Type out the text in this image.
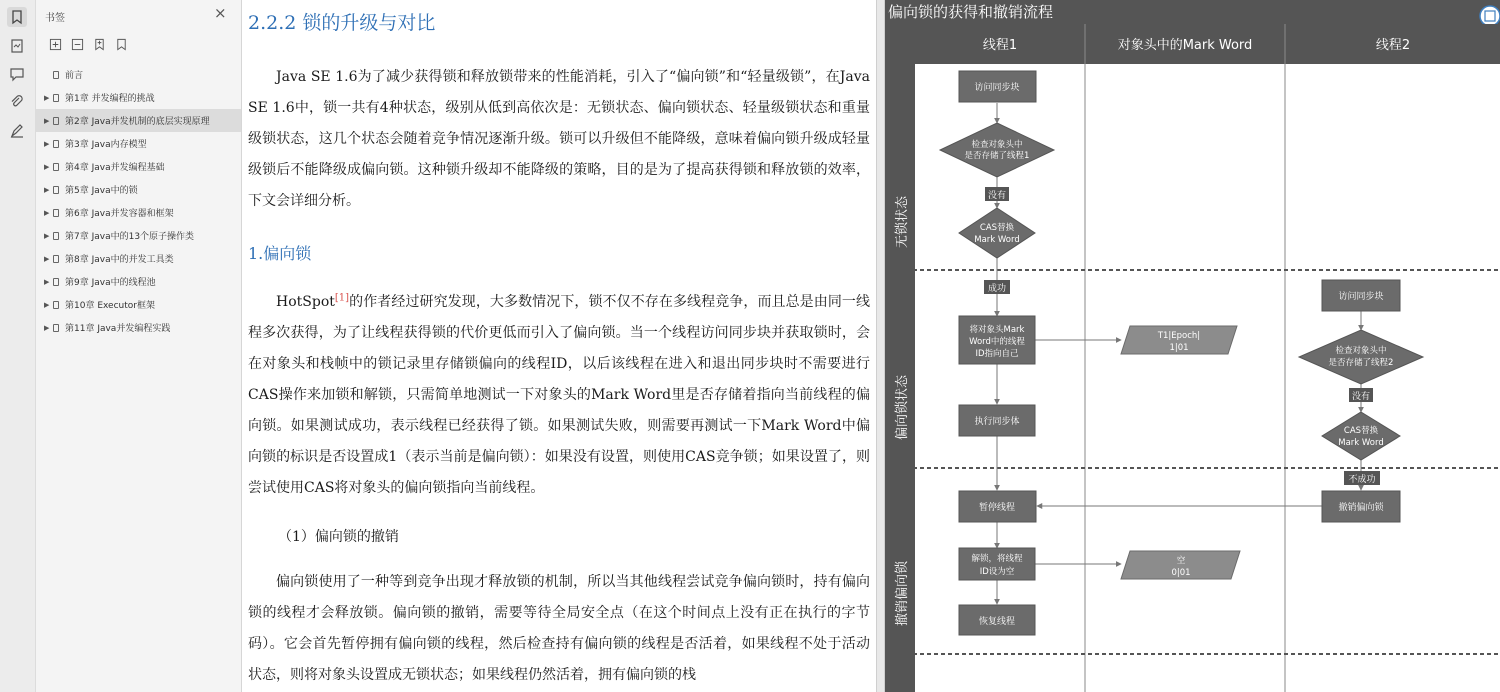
书签	×
前言
▶ 第1章 并发编程的挑战
▶ 第2章 Java并发机制的底层实现原理
▶ 第3章 Java内存模型
▶ 第4章 Java并发编程基础
▶ 第5章 Java中的锁
▶ 第6章 Java并发容器和框架
▶ 第7章 Java中的13个原子操作类
▶ 第8章 Java中的并发工具类
▶ 第9章 Java中的线程池
▶ 第10章 Executor框架
▶ 第11章 Java并发编程实践
2.2.2 锁的升级与对比

Java SE 1.6为了减少获得锁和释放锁带来的性能消耗，引入了“偏向锁”和“轻量级锁”，在Java SE 1.6中，锁一共有4种状态，级别从低到高依次是：无锁状态、偏向锁状态、轻量级锁状态和重量级锁状态，这几个状态会随着竞争情况逐渐升级。锁可以升级但不能降级，意味着偏向锁升级成轻量级锁后不能降级成偏向锁。这种锁升级却不能降级的策略，目的是为了提高获得锁和释放锁的效率，下文会详细分析。

1.偏向锁

HotSpot[1]的作者经过研究发现，大多数情况下，锁不仅不存在多线程竞争，而且总是由同一线程多次获得，为了让线程获得锁的代价更低而引入了偏向锁。当一个线程访问同步块并获取锁时，会在对象头和栈帧中的锁记录里存储锁偏向的线程ID，以后该线程在进入和退出同步块时不需要进行CAS操作来加锁和解锁，只需简单地测试一下对象头的Mark Word里是否存储着指向当前线程的偏向锁。如果测试成功，表示线程已经获得了锁。如果测试失败，则需要再测试一下Mark Word中偏向锁的标识是否设置成1（表示当前是偏向锁）：如果没有设置，则使用CAS竞争锁；如果设置了，则尝试使用CAS将对象头的偏向锁指向当前线程。

（1）偏向锁的撤销

偏向锁使用了一种等到竞争出现才释放锁的机制，所以当其他线程尝试竞争偏向锁时，持有偏向锁的线程才会释放锁。偏向锁的撤销，需要等待全局安全点（在这个时间点上没有正在执行的字节码）。它会首先暂停拥有偏向锁的线程，然后检查持有偏向锁的线程是否活着，如果线程不处于活动状态，则将对象头设置成无锁状态；如果线程仍然活着，拥有偏向锁的栈

偏向锁的获得和撤销流程
线程1	对象头中的Mark Word	线程2
无锁状态
偏向锁状态
撤销偏向锁
访问同步块
检查对象头中
是否存储了线程1
没有
CAS替换
Mark Word
成功
将对象头Mark
Word中的线程
ID指向自己
T1|Epoch|
1|01
执行同步体
暂停线程
解锁，将线程
ID设为空
空
0|01
恢复线程
访问同步块
检查对象头中
是否存储了线程2
没有
CAS替换
Mark Word
不成功
撤销偏向锁
